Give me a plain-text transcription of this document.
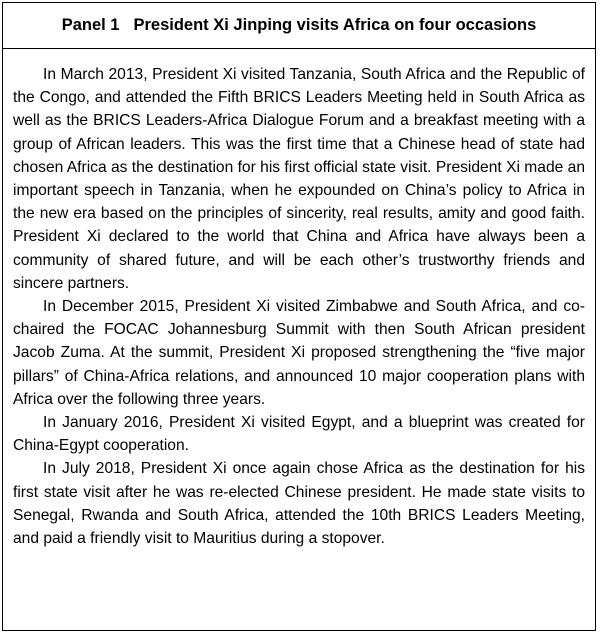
Panel 1 President Xi Jinping visits Africa on four occasions

In March 2013, President Xi visited Tanzania, South Africa and the Republic of the Congo, and attended the Fifth BRICS Leaders Meeting held in South Africa as well as the BRICS Leaders-Africa Dialogue Forum and a breakfast meeting with a group of African leaders. This was the first time that a Chinese head of state had chosen Africa as the destination for his first official state visit. President Xi made an important speech in Tanzania, when he expounded on China’s policy to Africa in the new era based on the principles of sincerity, real results, amity and good faith. President Xi declared to the world that China and Africa have always been a community of shared future, and will be each other’s trustworthy friends and sincere partners.

In December 2015, President Xi visited Zimbabwe and South Africa, and co-chaired the FOCAC Johannesburg Summit with then South African president Jacob Zuma. At the summit, President Xi proposed strengthening the “five major pillars” of China-Africa relations, and announced 10 major cooperation plans with Africa over the following three years.

In January 2016, President Xi visited Egypt, and a blueprint was created for China-Egypt cooperation.

In July 2018, President Xi once again chose Africa as the destination for his first state visit after he was re-elected Chinese president. He made state visits to Senegal, Rwanda and South Africa, attended the 10th BRICS Leaders Meeting, and paid a friendly visit to Mauritius during a stopover.
